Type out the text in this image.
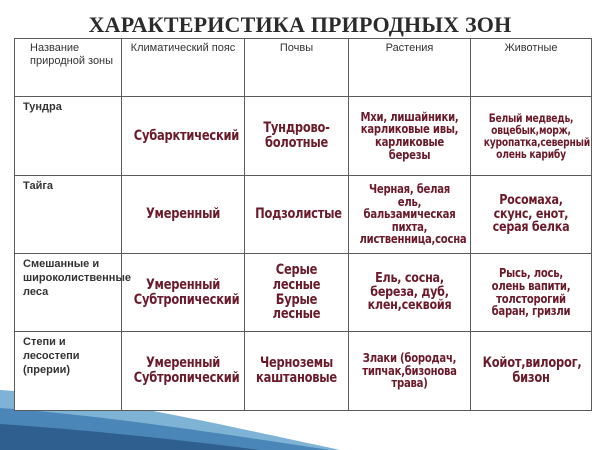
ХАРАКТЕРИСТИКА ПРИРОДНЫХ ЗОН
Название природной зоны	Климатический пояс	Почвы	Растения	Животные
Тундра	Субарктический	Тундрово-болотные	Мхи, лишайники, карликовые ивы, карликовые березы	Белый медведь, овцебык,морж, куропатка,северный олень карибу

Тайга	Умеренный	Подзолистые	Черная, белая ель, бальзамическая пихта, лиственница,сосна	Росомаха, скунс, енот, серая белка

Смешанные и широколиственные леса	Умеренный Субтропический	Серые лесные Бурые лесные	Ель, сосна, береза, дуб, клен,секвойя	Рысь, лось, олень вапити, толсторогий баран, гризли

Степи и лесостепи (прерии)	Умеренный Субтропический	Черноземы каштановые	Злаки (бородач, типчак,бизонова трава)	Койот,вилорог, бизон
